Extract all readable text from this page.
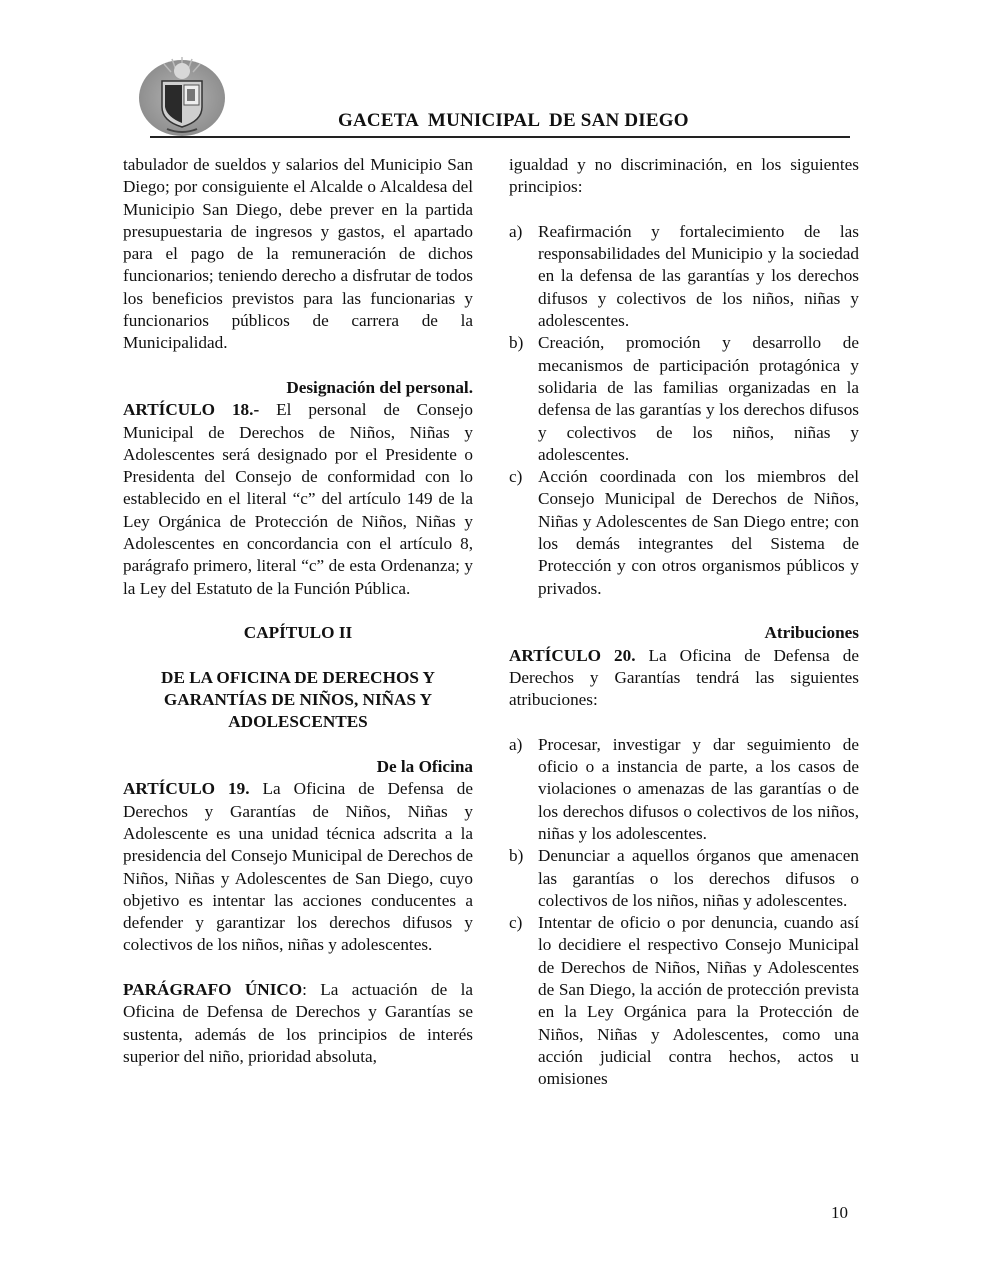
GACETA  MUNICIPAL  DE SAN DIEGO

tabulador de sueldos y salarios del Municipio San Diego; por consiguiente el Alcalde o Alcaldesa del Municipio San Diego, debe prever en la partida presupuestaria de ingresos y gastos, el apartado para el pago de la remuneración de dichos funcionarios; teniendo derecho a disfrutar de todos los beneficios previstos para las funcionarias y funcionarios públicos de carrera de la Municipalidad.

Designación del personal.

ARTÍCULO 18.- El personal de Consejo Municipal de Derechos de Niños, Niñas y Adolescentes será designado por el Presidente o Presidenta del Consejo de conformidad con lo establecido en el literal “c” del artículo 149 de la Ley Orgánica de Protección de Niños, Niñas y Adolescentes en concordancia con el artículo 8, parágrafo primero, literal “c” de esta Ordenanza; y la Ley del Estatuto de la Función Pública.

CAPÍTULO II
DE LA OFICINA DE DERECHOS Y
GARANTÍAS DE NIÑOS, NIÑAS Y
ADOLESCENTES
De la Oficina

ARTÍCULO 19. La Oficina de Defensa de Derechos y Garantías de Niños, Niñas y Adolescente es una unidad técnica adscrita a la presidencia del Consejo Municipal de Derechos de Niños, Niñas y Adolescentes de San Diego, cuyo objetivo es intentar las acciones conducentes a defender y garantizar los derechos difusos y colectivos de los niños, niñas y adolescentes.

PARÁGRAFO ÚNICO: La actuación de la Oficina de Defensa de Derechos y Garantías se sustenta, además de los principios de interés superior del niño, prioridad absoluta,

igualdad y no discriminación, en los siguientes principios:

a) Reafirmación y fortalecimiento de las responsabilidades del Municipio y la sociedad en la defensa de las garantías y los derechos difusos y colectivos de los niños, niñas y adolescentes.
b) Creación, promoción y desarrollo de mecanismos de participación protagónica y solidaria de las familias organizadas en la defensa de las garantías y los derechos difusos y colectivos de los niños, niñas y adolescentes.
c) Acción coordinada con los miembros del Consejo Municipal de Derechos de Niños, Niñas y Adolescentes de San Diego entre; con los demás integrantes del Sistema de Protección y con otros organismos públicos y privados.
Atribuciones

ARTÍCULO 20. La Oficina de Defensa de Derechos y Garantías tendrá las siguientes atribuciones:

a) Procesar, investigar y dar seguimiento de oficio o a instancia de parte, a los casos de violaciones o amenazas de las garantías o de los derechos difusos o colectivos de los niños, niñas y los adolescentes.
b) Denunciar a aquellos órganos que amenacen las garantías o los derechos difusos o colectivos de los niños, niñas y adolescentes.
c) Intentar de oficio o por denuncia, cuando así lo decidiere el respectivo Consejo Municipal de Derechos de Niños, Niñas y Adolescentes de San Diego, la acción de protección prevista en la Ley Orgánica para la Protección de Niños, Niñas y Adolescentes, como una acción judicial contra hechos, actos u omisiones
10
